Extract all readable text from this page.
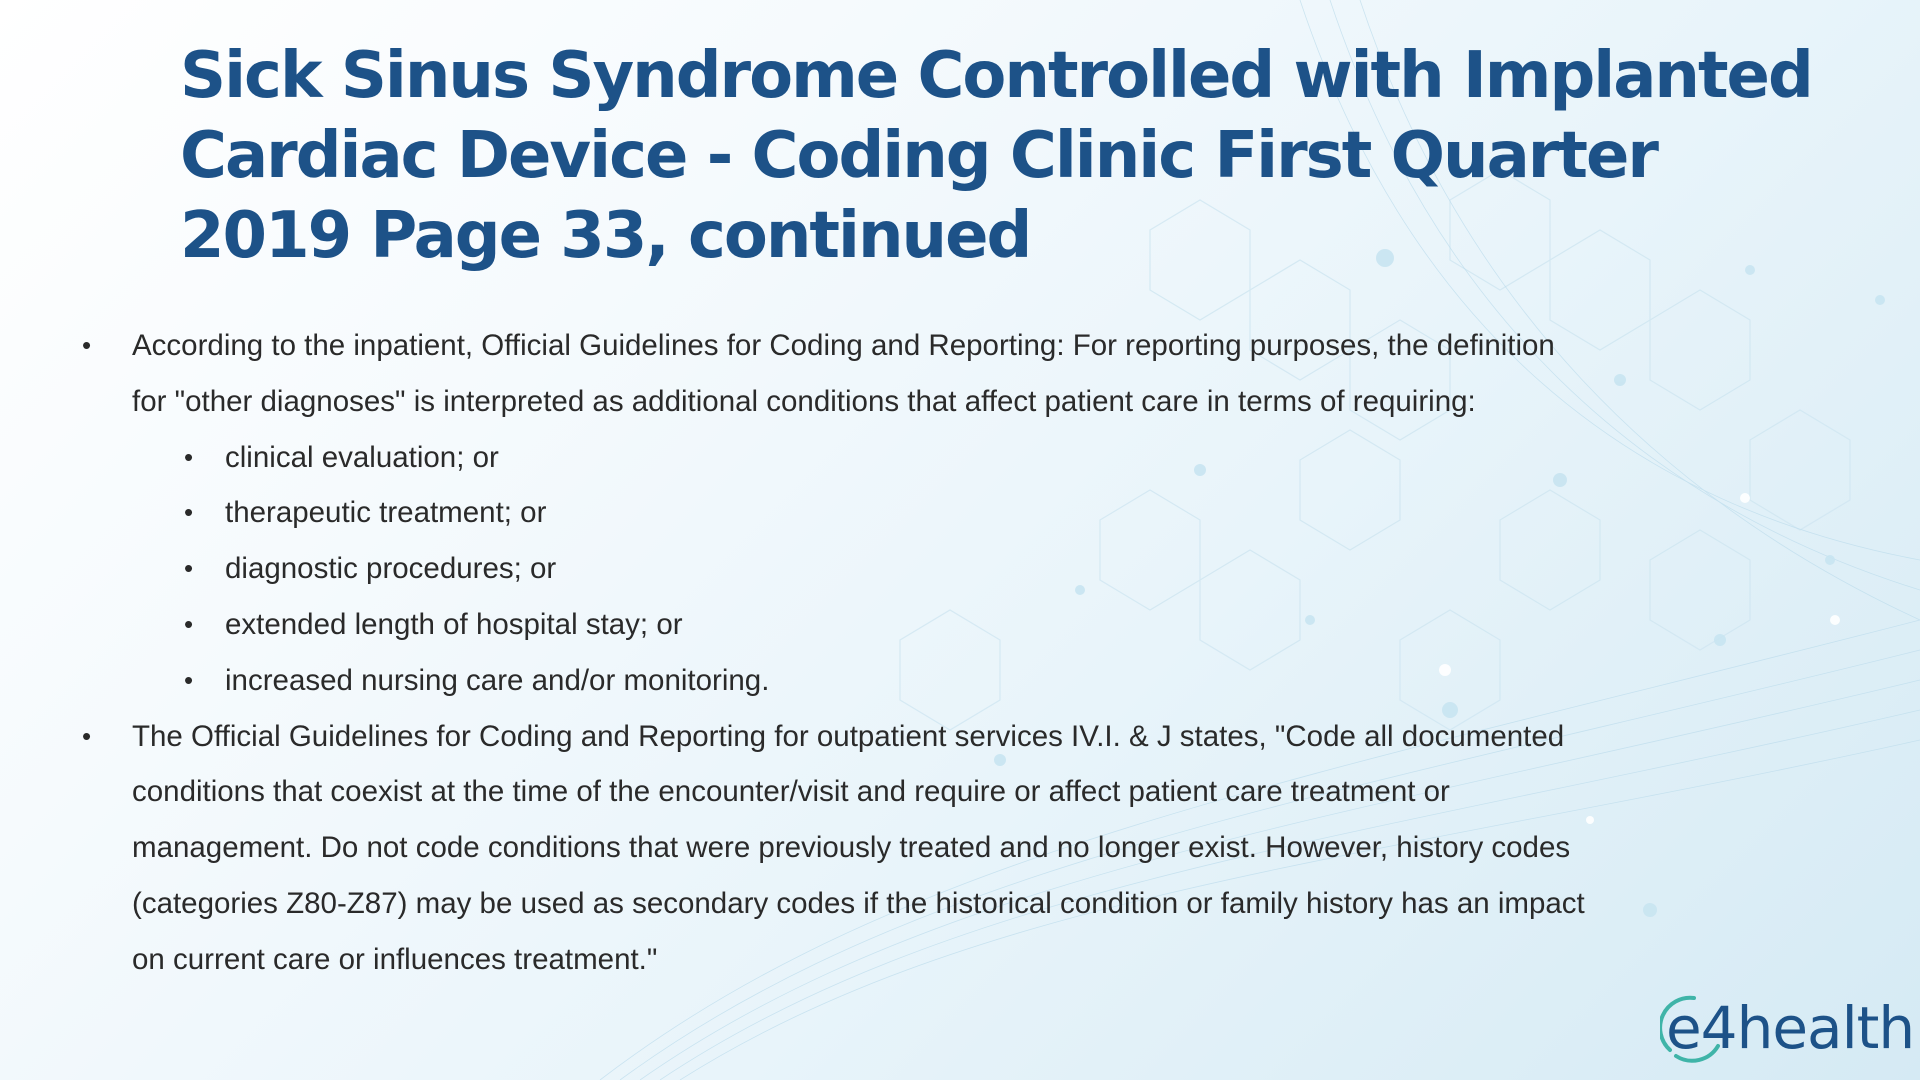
Sick Sinus Syndrome Controlled with Implanted
Cardiac Device - Coding Clinic First Quarter
2019 Page 33, continued
• According to the inpatient, Official Guidelines for Coding and Reporting: For reporting purposes, the definition
for "other diagnoses" is interpreted as additional conditions that affect patient care in terms of requiring:
• clinical evaluation; or
• therapeutic treatment; or
• diagnostic procedures; or
• extended length of hospital stay; or
• increased nursing care and/or monitoring.
• The Official Guidelines for Coding and Reporting for outpatient services IV.I. & J states, "Code all documented
conditions that coexist at the time of the encounter/visit and require or affect patient care treatment or
management. Do not code conditions that were previously treated and no longer exist. However, history codes
(categories Z80-Z87) may be used as secondary codes if the historical condition or family history has an impact
on current care or influences treatment."
e4health
